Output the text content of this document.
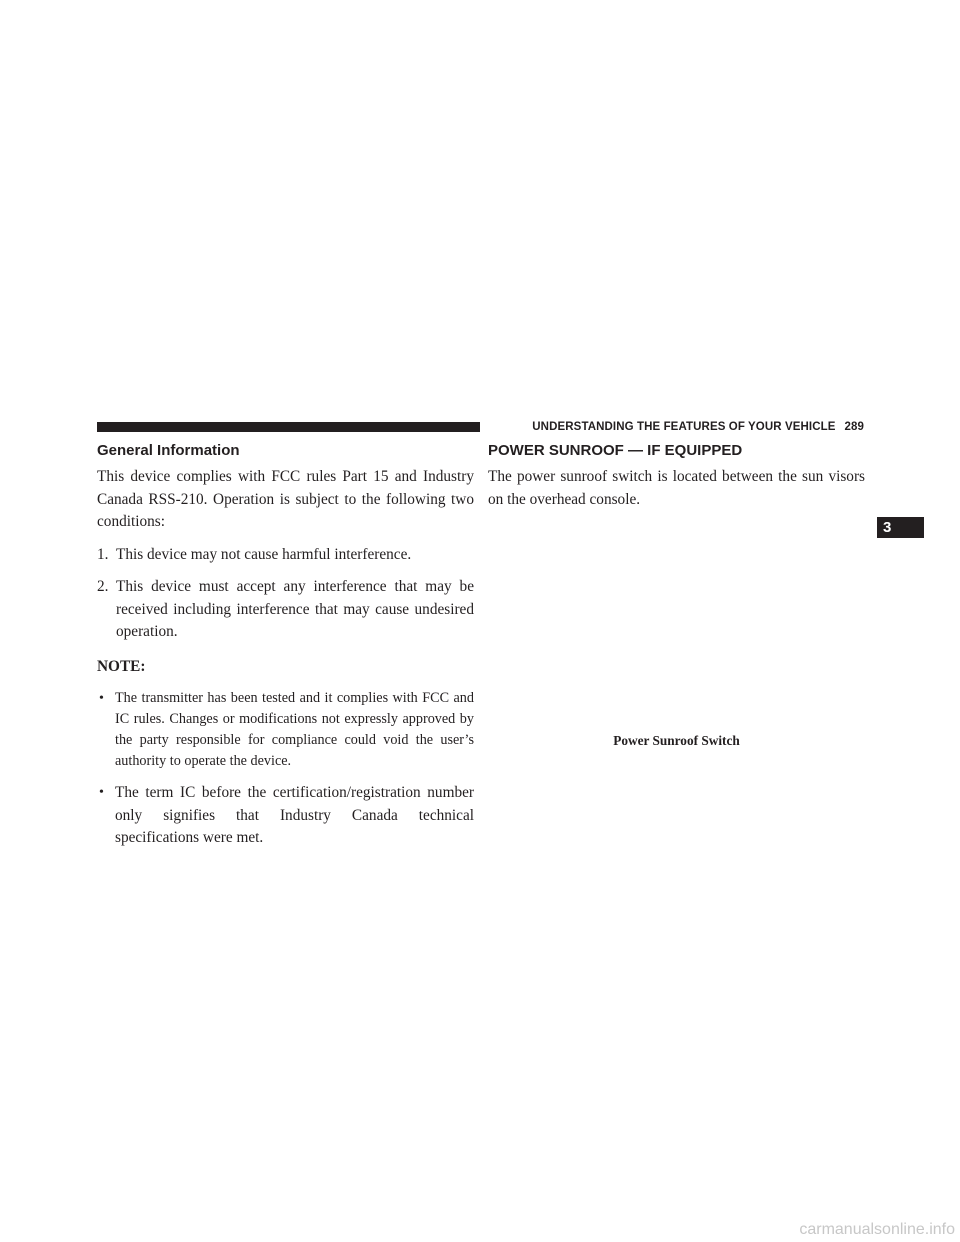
UNDERSTANDING THE FEATURES OF YOUR VEHICLE 289
General Information	POWER SUNROOF — IF EQUIPPED

This device complies with FCC rules Part 15 and Industry Canada RSS-210. Operation is subject to the following two conditions:

1. This device may not cause harmful interference.

2. This device must accept any interference that may be received including interference that may cause undesired operation.

NOTE:

• The transmitter has been tested and it complies with FCC and IC rules. Changes or modifications not expressly approved by the party responsible for compliance could void the user’s authority to operate the device.

• The term IC before the certification/registration number only signifies that Industry Canada technical specifications were met.

The power sunroof switch is located between the sun visors on the overhead console.

Power Sunroof Switch
3
carmanualsonline.info
